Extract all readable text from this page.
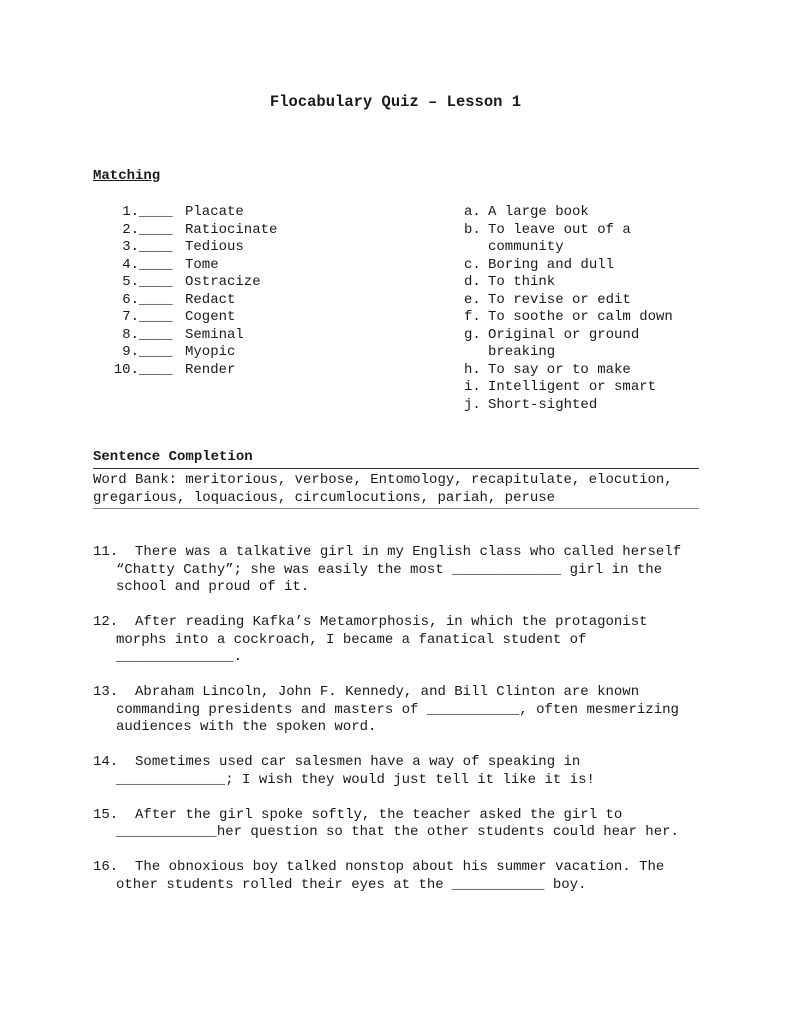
Flocabulary Quiz – Lesson 1
Matching
1.____ Placate
2.____ Ratiocinate
3.____ Tedious
4.____ Tome
5.____ Ostracize
6.____ Redact
7.____ Cogent
8.____ Seminal
9.____ Myopic
10.____ Render
a. A large book
b. To leave out of a
community
c. Boring and dull
d. To think
e. To revise or edit
f. To soothe or calm down
g. Original or ground
breaking
h. To say or to make
i. Intelligent or smart
j. Short-sighted
Sentence Completion
Word Bank: meritorious, verbose, Entomology, recapitulate, elocution, gregarious, loquacious, circumlocutions, pariah, peruse

11. There was a talkative girl in my English class who called herself “Chatty Cathy”; she was easily the most _____________ girl in the school and proud of it.

12. After reading Kafka’s Metamorphosis, in which the protagonist morphs into a cockroach, I became a fanatical student of ______________.

13. Abraham Lincoln, John F. Kennedy, and Bill Clinton are known commanding presidents and masters of ___________, often mesmerizing audiences with the spoken word.

14. Sometimes used car salesmen have a way of speaking in _____________; I wish they would just tell it like it is!

15. After the girl spoke softly, the teacher asked the girl to ____________her question so that the other students could hear her.

16. The obnoxious boy talked nonstop about his summer vacation. The other students rolled their eyes at the ___________ boy.
